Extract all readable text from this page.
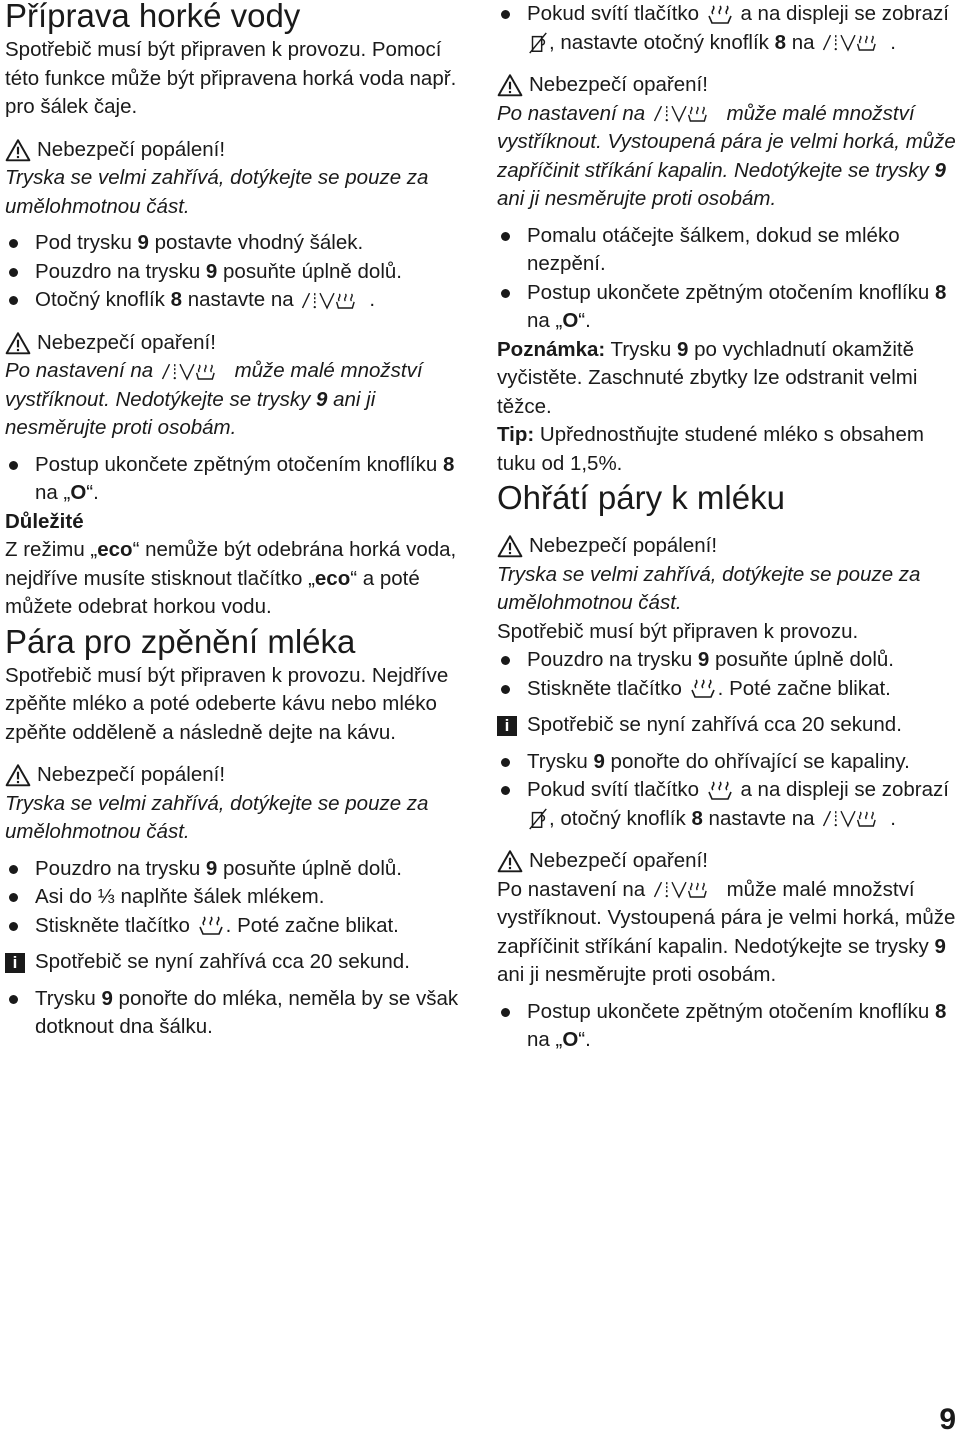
Příprava horké vody

Spotřebič musí být připraven k provozu. Pomocí této funkce může být připravena horká voda např. pro šálek čaje.

Nebezpečí popálení!

Tryska se velmi zahřívá, dotýkejte se pouze za umělohmotnou část.

Pod trysku 9 postavte vhodný šálek.
Pouzdro na trysku 9 posuňte úplně dolů.
Otočný knoflík 8 nastavte na	.
Nebezpečí opaření!

Po nastavení na	může malé množství vystříknout. Nedotýkejte se trysky 9 ani ji nesměrujte proti osobám.

Postup ukončete zpětným otočením knoflíku 8 na „O“.

Důležité

Z režimu „eco“ nemůže být odebrána horká voda, nejdříve musíte stisknout tlačítko „eco“ a poté můžete odebrat horkou vodu.

Pára pro zpěnění mléka

Spotřebič musí být připraven k provozu. Nejdříve zpěňte mléko a poté odeberte kávu nebo mléko zpěňte odděleně a následně dejte na kávu.

Nebezpečí popálení!

Tryska se velmi zahřívá, dotýkejte se pouze za umělohmotnou část.

Pouzdro na trysku 9 posuňte úplně dolů.
Asi do ⅓ naplňte šálek mlékem.
Stiskněte tlačítko . Poté začne blikat.
i Spotřebič se nyní zahřívá cca 20 sekund.
Trysku 9 ponořte do mléka, neměla by se však dotknout dna šálku.
Pokud svítí tlačítko  a na displeji se zobrazí , nastavte otočný knoflík 8 na	.
Nebezpečí opaření!

Po nastavení na	může malé množství vystříknout. Vystoupená pára je velmi horká, může zapříčinit stříkání kapalin. Nedotýkejte se trysky 9 ani ji nesměrujte proti osobám.

Pomalu otáčejte šálkem, dokud se mléko nezpění.
Postup ukončete zpětným otočením knoflíku 8 na „O“.

Poznámka: Trysku 9 po vychladnutí okamžitě vyčistěte. Zaschnuté zbytky lze odstranit velmi těžce.

Tip: Upřednostňujte studené mléko s obsahem tuku od 1,5%.

Ohřátí páry k mléku
Nebezpečí popálení!

Tryska se velmi zahřívá, dotýkejte se pouze za umělohmotnou část.

Spotřebič musí být připraven k provozu.

Pouzdro na trysku 9 posuňte úplně dolů.
Stiskněte tlačítko . Poté začne blikat.
i Spotřebič se nyní zahřívá cca 20 sekund.
Trysku 9 ponořte do ohřívající se kapaliny.
Pokud svítí tlačítko  a na displeji se zobrazí , otočný knoflík 8 nastavte na	.
Nebezpečí opaření!

Po nastavení na	může malé množství vystříknout. Vystoupená pára je velmi horká, může zapříčinit stříkání kapalin. Nedotýkejte se trysky 9 ani ji nesměrujte proti osobám.

Postup ukončete zpětným otočením knoflíku 8 na „O“.
9
